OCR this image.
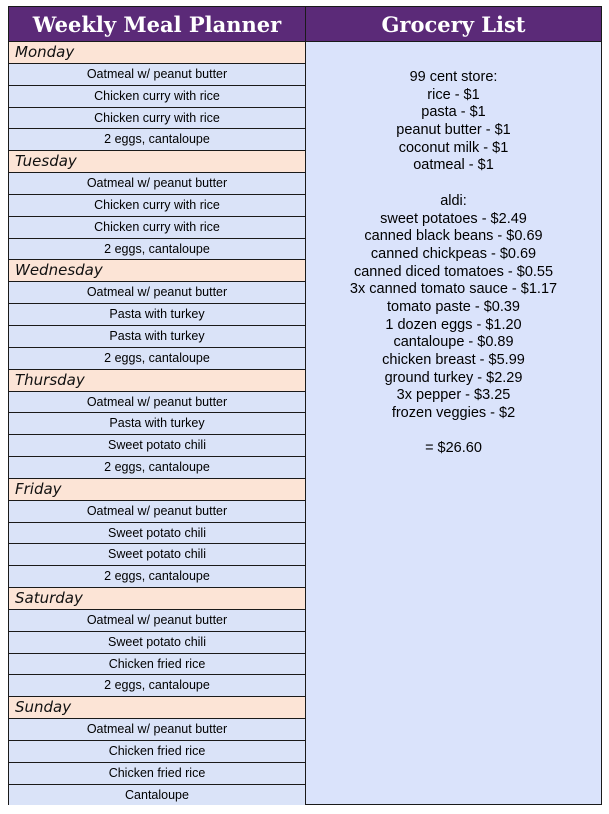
Weekly Meal Planner	Grocery List
Monday
Oatmeal w/ peanut butter
Chicken curry with rice
Chicken curry with rice
2 eggs, cantaloupe
Tuesday
Oatmeal w/ peanut butter
Chicken curry with rice
Chicken curry with rice
2 eggs, cantaloupe
Wednesday
Oatmeal w/ peanut butter
Pasta with turkey
Pasta with turkey
2 eggs, cantaloupe
Thursday
Oatmeal w/ peanut butter
Pasta with turkey
Sweet potato chili
2 eggs, cantaloupe
Friday
Oatmeal w/ peanut butter
Sweet potato chili
Sweet potato chili
2 eggs, cantaloupe
Saturday
Oatmeal w/ peanut butter
Sweet potato chili
Chicken fried rice
2 eggs, cantaloupe
Sunday
Oatmeal w/ peanut butter
Chicken fried rice
Chicken fried rice
Cantaloupe
99 cent store:
rice - $1
pasta - $1
peanut butter - $1
coconut milk - $1
oatmeal - $1
aldi:
sweet potatoes - $2.49
canned black beans - $0.69
canned chickpeas - $0.69
canned diced tomatoes - $0.55
3x canned tomato sauce - $1.17
tomato paste - $0.39
1 dozen eggs - $1.20
cantaloupe - $0.89
chicken breast - $5.99
ground turkey - $2.29
3x pepper - $3.25
frozen veggies - $2
= $26.60
